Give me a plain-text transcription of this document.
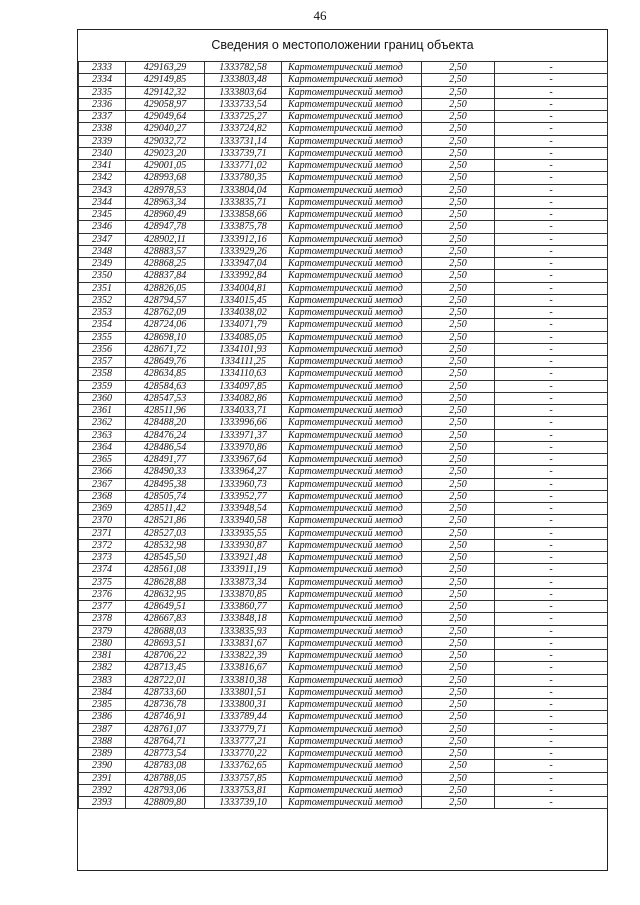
46
Сведения о местоположении границ объекта
2333	429163,29	1333782,58	Картометрический метод	2,50	-
2334	429149,85	1333803,48	Картометрический метод	2,50	-
2335	429142,32	1333803,64	Картометрический метод	2,50	-
2336	429058,97	1333733,54	Картометрический метод	2,50	-
2337	429049,64	1333725,27	Картометрический метод	2,50	-
2338	429040,27	1333724,82	Картометрический метод	2,50	-
2339	429032,72	1333731,14	Картометрический метод	2,50	-
2340	429023,20	1333739,71	Картометрический метод	2,50	-
2341	429001,05	1333771,02	Картометрический метод	2,50	-
2342	428993,68	1333780,35	Картометрический метод	2,50	-
2343	428978,53	1333804,04	Картометрический метод	2,50	-
2344	428963,34	1333835,71	Картометрический метод	2,50	-
2345	428960,49	1333858,66	Картометрический метод	2,50	-
2346	428947,78	1333875,78	Картометрический метод	2,50	-
2347	428902,11	1333912,16	Картометрический метод	2,50	-
2348	428883,57	1333929,26	Картометрический метод	2,50	-
2349	428868,25	1333947,04	Картометрический метод	2,50	-
2350	428837,84	1333992,84	Картометрический метод	2,50	-
2351	428826,05	1334004,81	Картометрический метод	2,50	-
2352	428794,57	1334015,45	Картометрический метод	2,50	-
2353	428762,09	1334038,02	Картометрический метод	2,50	-
2354	428724,06	1334071,79	Картометрический метод	2,50	-
2355	428698,10	1334085,05	Картометрический метод	2,50	-
2356	428671,72	1334101,93	Картометрический метод	2,50	-
2357	428649,76	1334111,25	Картометрический метод	2,50	-
2358	428634,85	1334110,63	Картометрический метод	2,50	-
2359	428584,63	1334097,85	Картометрический метод	2,50	-
2360	428547,53	1334082,86	Картометрический метод	2,50	-
2361	428511,96	1334033,71	Картометрический метод	2,50	-
2362	428488,20	1333996,66	Картометрический метод	2,50	-
2363	428476,24	1333971,37	Картометрический метод	2,50	-
2364	428486,54	1333970,86	Картометрический метод	2,50	-
2365	428491,77	1333967,64	Картометрический метод	2,50	-
2366	428490,33	1333964,27	Картометрический метод	2,50	-
2367	428495,38	1333960,73	Картометрический метод	2,50	-
2368	428505,74	1333952,77	Картометрический метод	2,50	-
2369	428511,42	1333948,54	Картометрический метод	2,50	-
2370	428521,86	1333940,58	Картометрический метод	2,50	-
2371	428527,03	1333935,55	Картометрический метод	2,50	-
2372	428532,98	1333930,87	Картометрический метод	2,50	-
2373	428545,50	1333921,48	Картометрический метод	2,50	-
2374	428561,08	1333911,19	Картометрический метод	2,50	-
2375	428628,88	1333873,34	Картометрический метод	2,50	-
2376	428632,95	1333870,85	Картометрический метод	2,50	-
2377	428649,51	1333860,77	Картометрический метод	2,50	-
2378	428667,83	1333848,18	Картометрический метод	2,50	-
2379	428688,03	1333835,93	Картометрический метод	2,50	-
2380	428693,51	1333831,67	Картометрический метод	2,50	-
2381	428706,22	1333822,39	Картометрический метод	2,50	-
2382	428713,45	1333816,67	Картометрический метод	2,50	-
2383	428722,01	1333810,38	Картометрический метод	2,50	-
2384	428733,60	1333801,51	Картометрический метод	2,50	-
2385	428736,78	1333800,31	Картометрический метод	2,50	-
2386	428746,91	1333789,44	Картометрический метод	2,50	-
2387	428761,07	1333779,71	Картометрический метод	2,50	-
2388	428764,71	1333777,21	Картометрический метод	2,50	-
2389	428773,54	1333770,22	Картометрический метод	2,50	-
2390	428783,08	1333762,65	Картометрический метод	2,50	-
2391	428788,05	1333757,85	Картометрический метод	2,50	-
2392	428793,06	1333753,81	Картометрический метод	2,50	-
2393	428809,80	1333739,10	Картометрический метод	2,50	-
